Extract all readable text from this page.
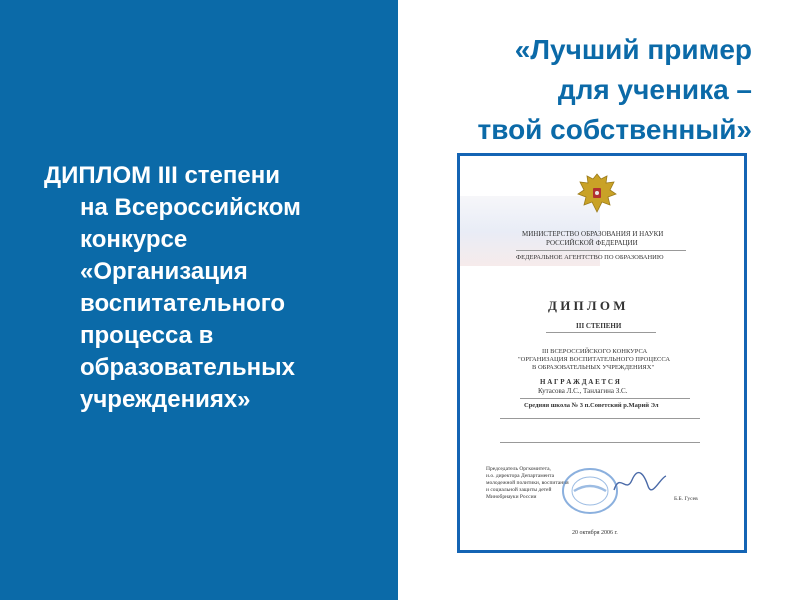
ДИПЛОМ III степени
на Всероссийском
конкурсе
«Организация
воспитательного
процесса в
образовательных
учреждениях»
«Лучший пример
для ученика –
твой собственный»
МИНИСТЕРСТВО ОБРАЗОВАНИЯ И НАУКИ
РОССИЙСКОЙ ФЕДЕРАЦИИ
ФЕДЕРАЛЬНОЕ АГЕНТСТВО ПО ОБРАЗОВАНИЮ
Д И П Л О М
III СТЕПЕНИ
III ВСЕРОССИЙСКОГО КОНКУРСА
"ОРГАНИЗАЦИЯ ВОСПИТАТЕЛЬНОГО ПРОЦЕССА
В ОБРАЗОВАТЕЛЬНЫХ УЧРЕЖДЕНИЯХ"
Н А Г Р А Ж Д А Е Т С Я
Кутасова Л.С., Танлагина З.С.
Средняя школа № 3 п.Советский р.Марий Эл
Председатель Оргкомитета,
и.о. директора Департамента
молодежной политики, воспитания
и социальной защиты детей
Минобрнауки России	Б.Б. Гусев
20 октября 2006 г.
